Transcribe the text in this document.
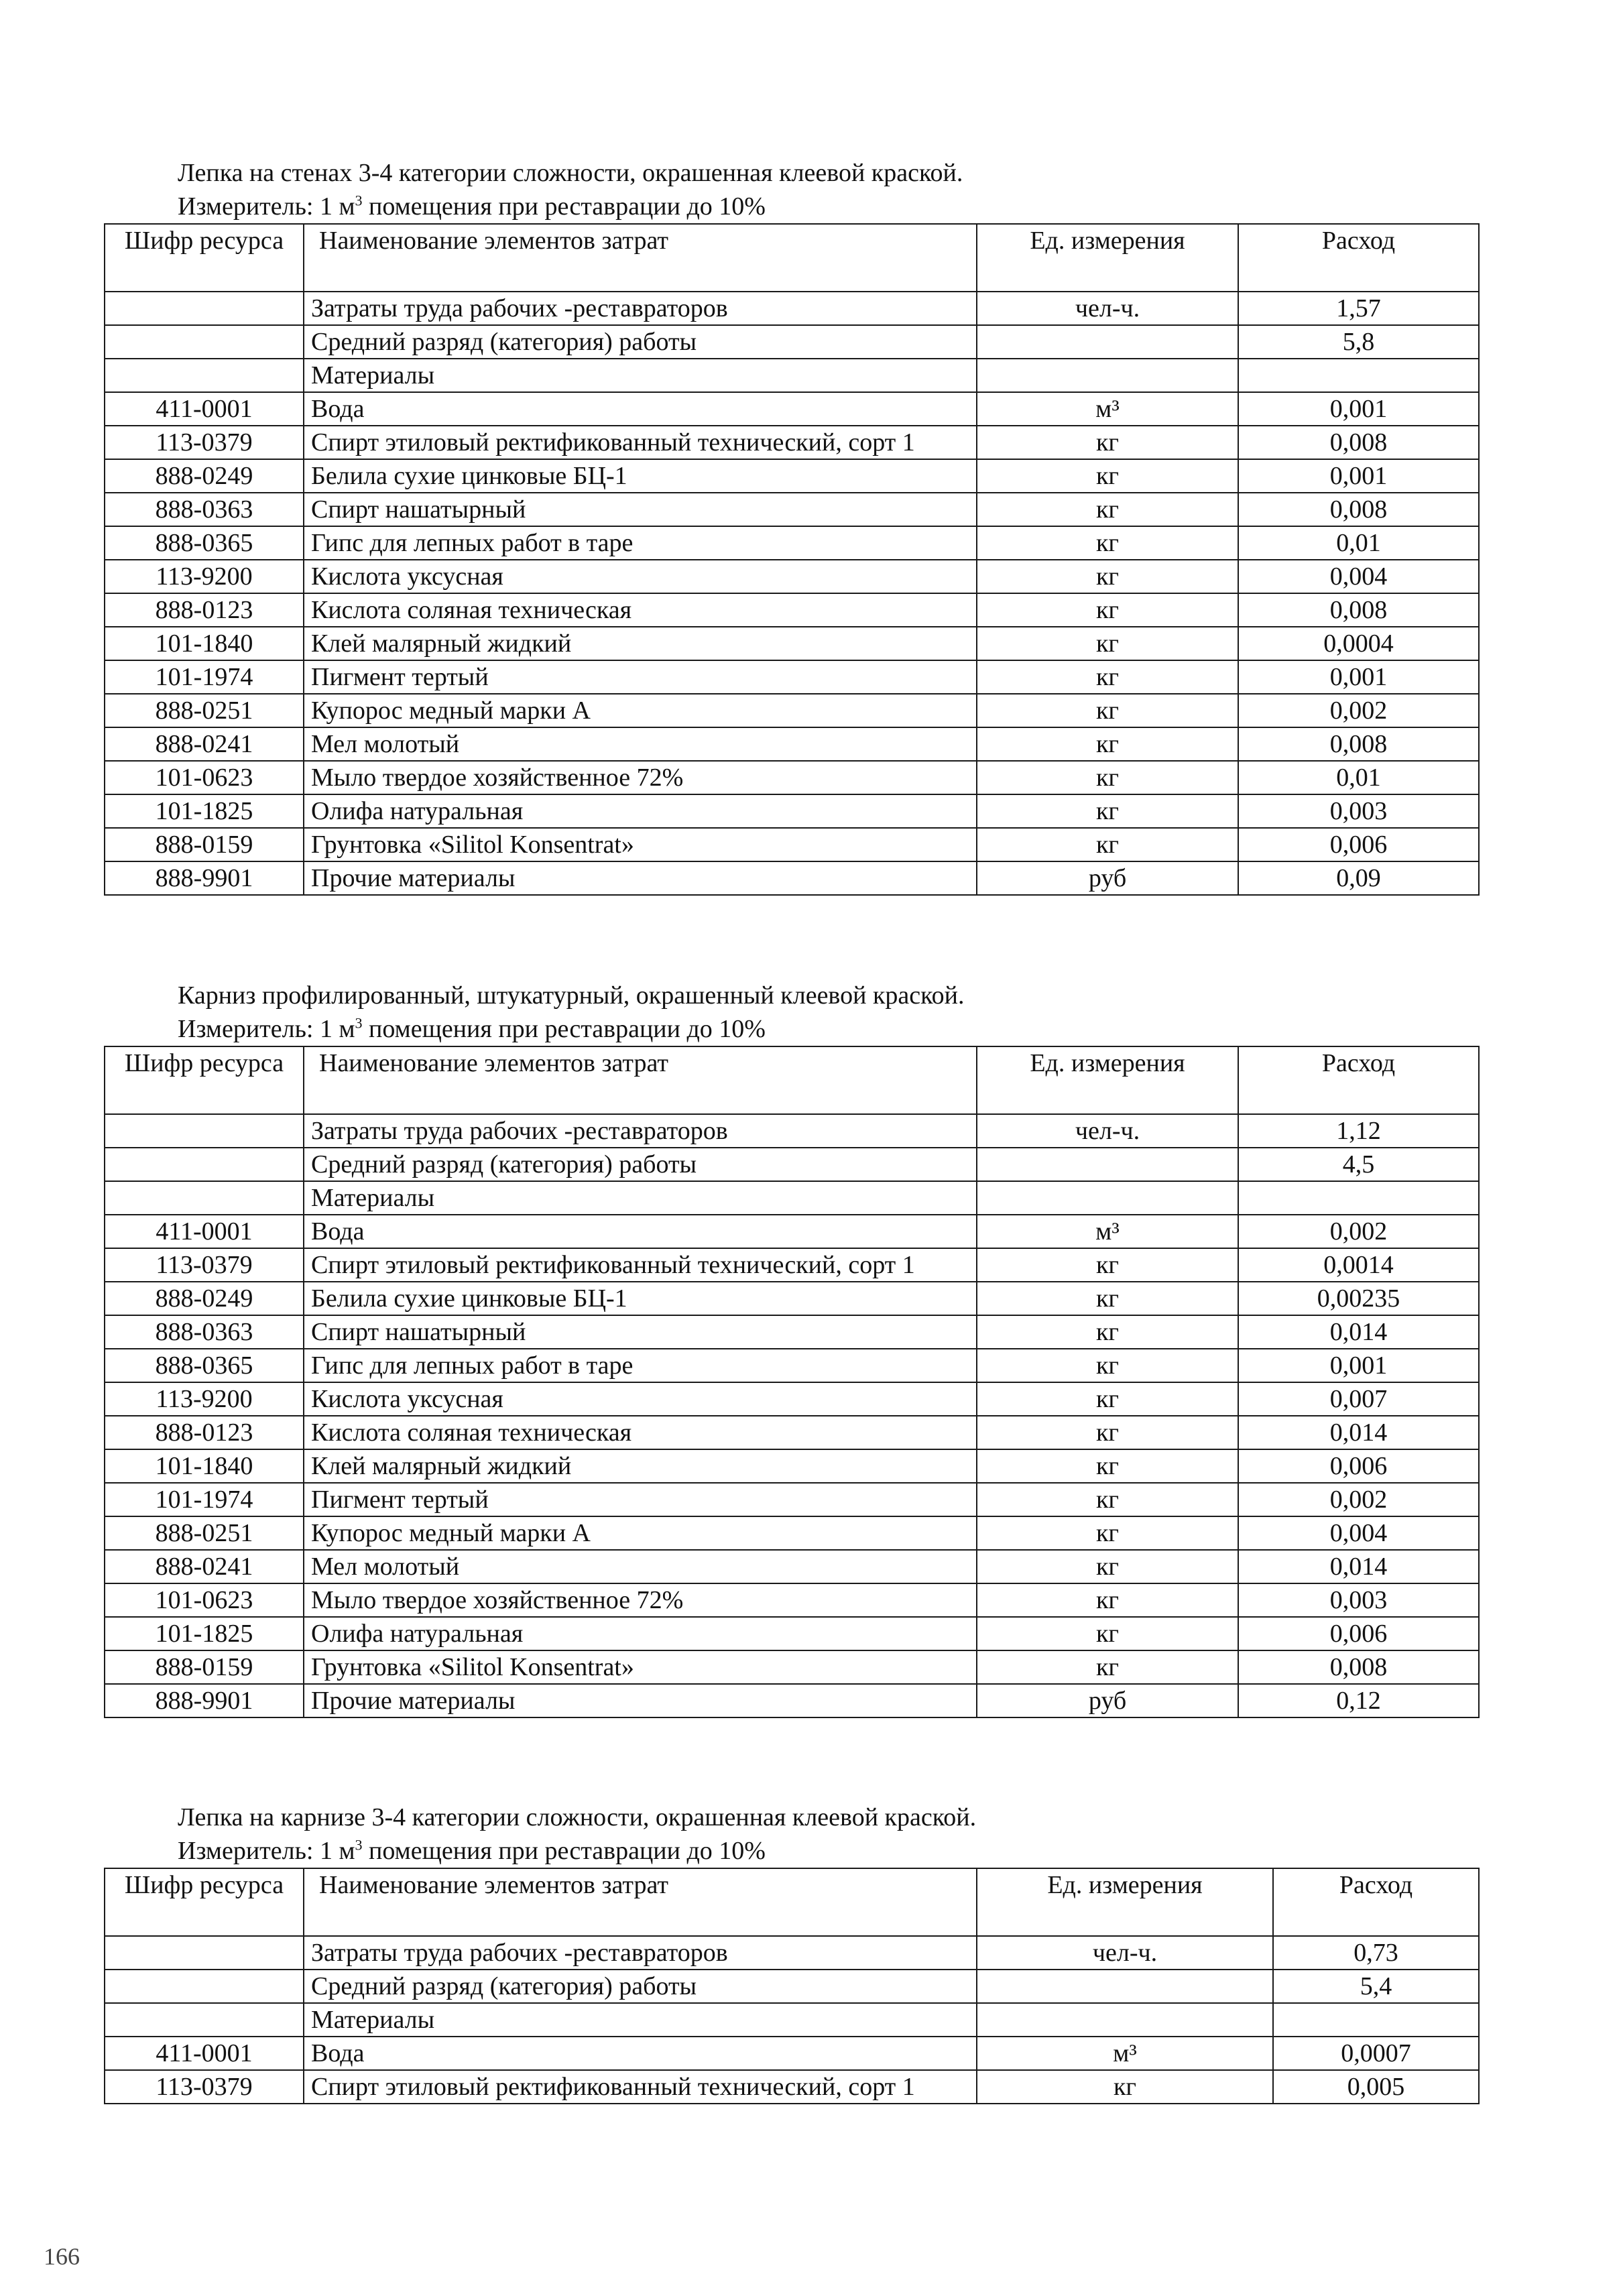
Лепка на стенах 3-4 категории сложности, окрашенная клеевой краской.
Измеритель: 1 $м^3$ помещения при реставрации до 10%
Шифр ресурса	Наименование элементов затрат	Ед. измерения	Расход
	Затраты труда рабочих -реставраторов	чел-ч.	1,57
	Средний разряд (категория) работы		5,8
	Материалы		
411-0001	Вода	м³	0,001
113-0379	Спирт этиловый ректификованный технический, сорт 1	кг	0,008
888-0249	Белила сухие цинковые БЦ-1	кг	0,001
888-0363	Спирт нашатырный	кг	0,008
888-0365	Гипс для лепных работ в таре	кг	0,01
113-9200	Кислота уксусная	кг	0,004
888-0123	Кислота соляная техническая	кг	0,008
101-1840	Клей малярный жидкий	кг	0,0004
101-1974	Пигмент тертый	кг	0,001
888-0251	Купорос медный марки А	кг	0,002
888-0241	Мел молотый	кг	0,008
101-0623	Мыло твердое хозяйственное 72%	кг	0,01
101-1825	Олифа натуральная	кг	0,003
888-0159	Грунтовка «Silitol Konsentrat»	кг	0,006
888-9901	Прочие материалы	руб	0,09
Карниз профилированный, штукатурный, окрашенный клеевой краской.
Измеритель: 1 $м^3$ помещения при реставрации до 10%
Шифр ресурса	Наименование элементов затрат	Ед. измерения	Расход
	Затраты труда рабочих -реставраторов	чел-ч.	1,12
	Средний разряд (категория) работы		4,5
	Материалы		
411-0001	Вода	м³	0,002
113-0379	Спирт этиловый ректификованный технический, сорт 1	кг	0,0014
888-0249	Белила сухие цинковые БЦ-1	кг	0,00235
888-0363	Спирт нашатырный	кг	0,014
888-0365	Гипс для лепных работ в таре	кг	0,001
113-9200	Кислота уксусная	кг	0,007
888-0123	Кислота соляная техническая	кг	0,014
101-1840	Клей малярный жидкий	кг	0,006
101-1974	Пигмент тертый	кг	0,002
888-0251	Купорос медный марки А	кг	0,004
888-0241	Мел молотый	кг	0,014
101-0623	Мыло твердое хозяйственное 72%	кг	0,003
101-1825	Олифа натуральная	кг	0,006
888-0159	Грунтовка «Silitol Konsentrat»	кг	0,008
888-9901	Прочие материалы	руб	0,12
Лепка на карнизе 3-4 категории сложности, окрашенная клеевой краской.
Измеритель: 1 $м^3$ помещения при реставрации до 10%
Шифр ресурса	Наименование элементов затрат	Ед. измерения	Расход
	Затраты труда рабочих -реставраторов	чел-ч.	0,73
	Средний разряд (категория) работы		5,4
	Материалы		
411-0001	Вода	м³	0,0007
113-0379	Спирт этиловый ректификованный технический, сорт 1	кг	0,005
166
